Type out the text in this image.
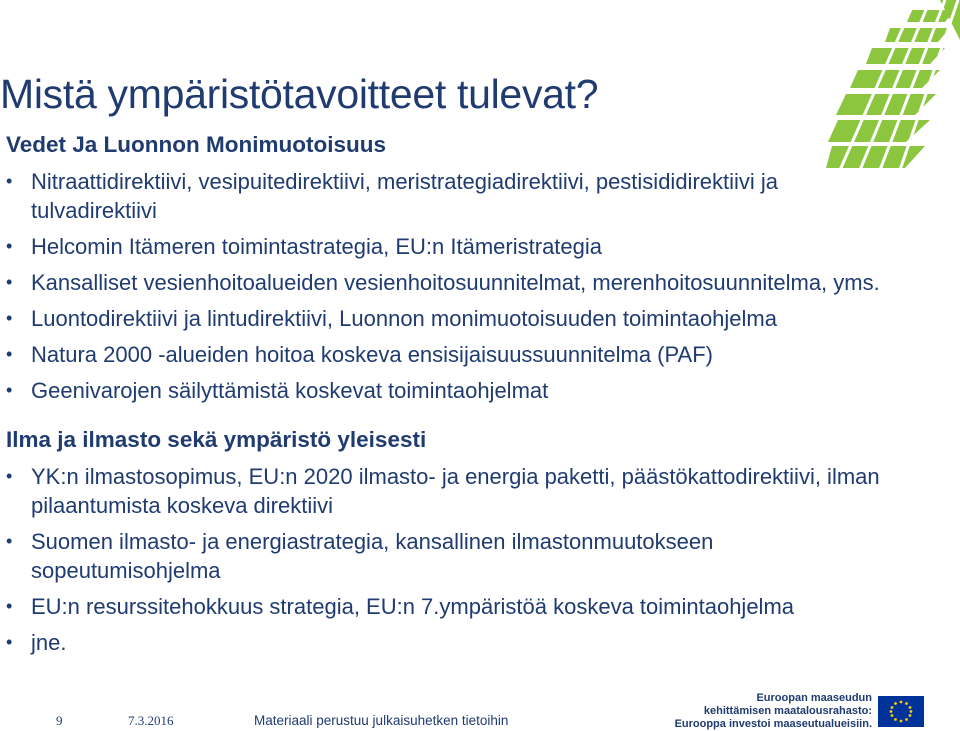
Mistä ympäristötavoitteet tulevat?

Vedet Ja Luonnon Monimuotoisuus

• Nitraattidirektiivi, vesipuitedirektiivi, meristrategiadirektiivi, pestisididirektiivi ja tulvadirektiivi
• Helcomin Itämeren toimintastrategia, EU:n Itämeristrategia
• Kansalliset vesienhoitoalueiden vesienhoitosuunnitelmat, merenhoitosuunnitelma, yms.
• Luontodirektiivi ja lintudirektiivi, Luonnon monimuotoisuuden toimintaohjelma
• Natura 2000 -alueiden hoitoa koskeva ensisijaisuussuunnitelma (PAF)
• Geenivarojen säilyttämistä koskevat toimintaohjelmat

Ilma ja ilmasto sekä ympäristö yleisesti

• YK:n ilmastosopimus, EU:n 2020 ilmasto- ja energia paketti, päästökattodirektiivi, ilman pilaantumista koskeva direktiivi
• Suomen ilmasto- ja energiastrategia, kansallinen ilmastonmuutokseen sopeutumisohjelma
• EU:n resurssitehokkuus strategia, EU:n 7.ympäristöä koskeva toimintaohjelma
• jne.
9	7.3.2016	Materiaali perustuu julkaisuhetken tietoihin
Euroopan maaseudun
kehittämisen maatalousrahasto:
Eurooppa investoi maaseutualueisiin.
